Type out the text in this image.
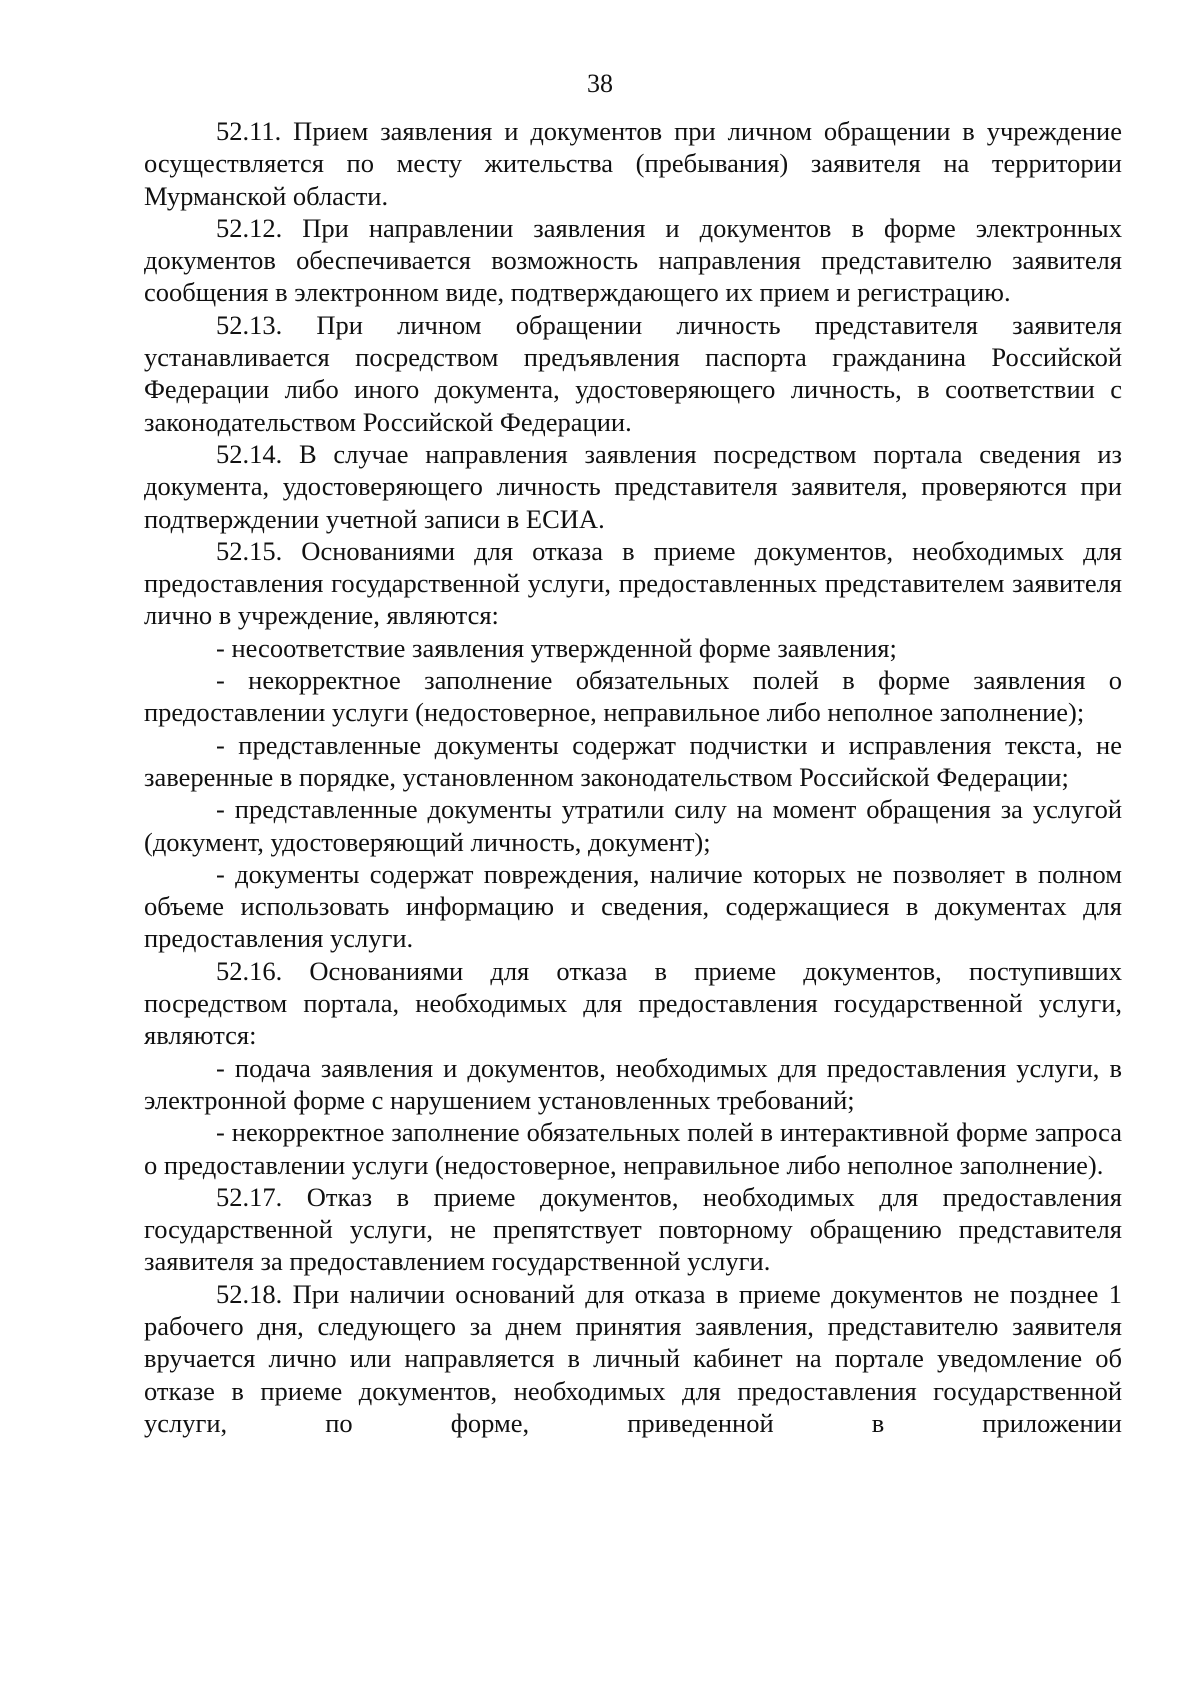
38

52.11. Прием заявления и документов при личном обращении в учреждение осуществляется по месту жительства (пребывания) заявителя на территории Мурманской области.

52.12. При направлении заявления и документов в форме электронных документов обеспечивается возможность направления представителю заявителя сообщения в электронном виде, подтверждающего их прием и регистрацию.

52.13. При личном обращении личность представителя заявителя устанавливается посредством предъявления паспорта гражданина Российской Федерации либо иного документа, удостоверяющего личность, в соответствии с законодательством Российской Федерации.

52.14. В случае направления заявления посредством портала сведения из документа, удостоверяющего личность представителя заявителя, проверяются при подтверждении учетной записи в ЕСИА.

52.15. Основаниями для отказа в приеме документов, необходимых для предоставления государственной услуги, предоставленных представителем заявителя лично в учреждение, являются:

- несоответствие заявления утвержденной форме заявления;

- некорректное заполнение обязательных полей в форме заявления о предоставлении услуги (недостоверное, неправильное либо неполное заполнение);

- представленные документы содержат подчистки и исправления текста, не заверенные в порядке, установленном законодательством Российской Федерации;

- представленные документы утратили силу на момент обращения за услугой (документ, удостоверяющий личность, документ);

- документы содержат повреждения, наличие которых не позволяет в полном объеме использовать информацию и сведения, содержащиеся в документах для предоставления услуги.

52.16. Основаниями для отказа в приеме документов, поступивших посредством портала, необходимых для предоставления государственной услуги, являются:

- подача заявления и документов, необходимых для предоставления услуги, в электронной форме с нарушением установленных требований;

- некорректное заполнение обязательных полей в интерактивной форме запроса о предоставлении услуги (недостоверное, неправильное либо неполное заполнение).

52.17. Отказ в приеме документов, необходимых для предоставления государственной услуги, не препятствует повторному обращению представителя заявителя за предоставлением государственной услуги.

52.18. При наличии оснований для отказа в приеме документов не позднее 1 рабочего дня, следующего за днем принятия заявления, представителю заявителя вручается лично или направляется в личный кабинет на портале уведомление об отказе в приеме документов, необходимых для предоставления государственной услуги, по форме, приведенной в приложении
